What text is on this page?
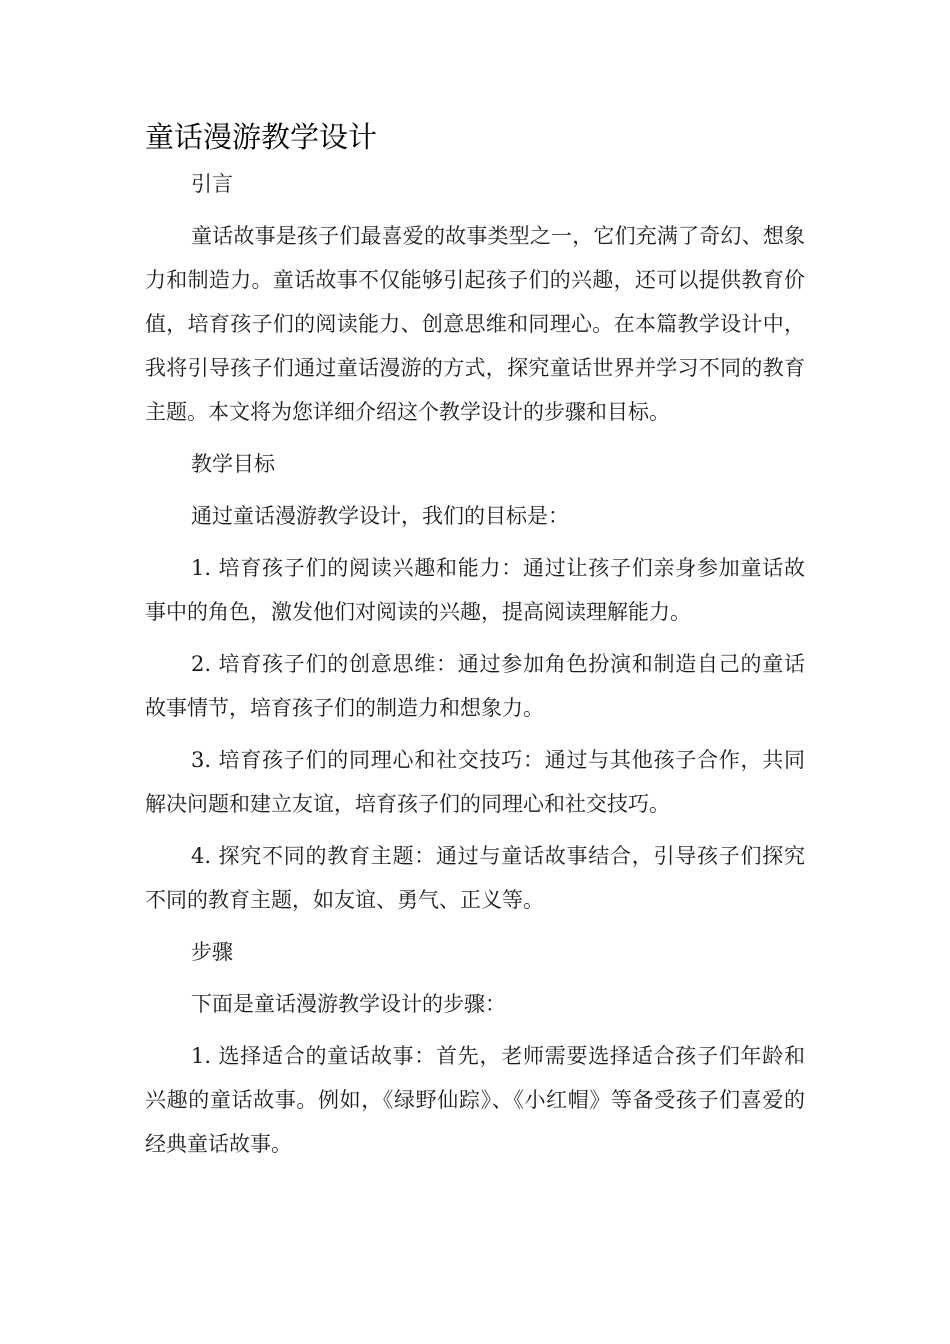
童话漫游教学设计

引言

童话故事是孩子们最喜爱的故事类型之一，它们充满了奇幻、想象力和制造力。童话故事不仅能够引起孩子们的兴趣，还可以提供教育价值，培育孩子们的阅读能力、创意思维和同理心。在本篇教学设计中，我将引导孩子们通过童话漫游的方式，探究童话世界并学习不同的教育主题。本文将为您详细介绍这个教学设计的步骤和目标。

教学目标

通过童话漫游教学设计，我们的目标是：

1. 培育孩子们的阅读兴趣和能力：通过让孩子们亲身参加童话故事中的角色，激发他们对阅读的兴趣，提高阅读理解能力。

2. 培育孩子们的创意思维：通过参加角色扮演和制造自己的童话故事情节，培育孩子们的制造力和想象力。

3. 培育孩子们的同理心和社交技巧：通过与其他孩子合作，共同解决问题和建立友谊，培育孩子们的同理心和社交技巧。

4. 探究不同的教育主题：通过与童话故事结合，引导孩子们探究不同的教育主题，如友谊、勇气、正义等。

步骤

下面是童话漫游教学设计的步骤：

1. 选择适合的童话故事：首先，老师需要选择适合孩子们年龄和兴趣的童话故事。例如，《绿野仙踪》、《小红帽》等备受孩子们喜爱的经典童话故事。
